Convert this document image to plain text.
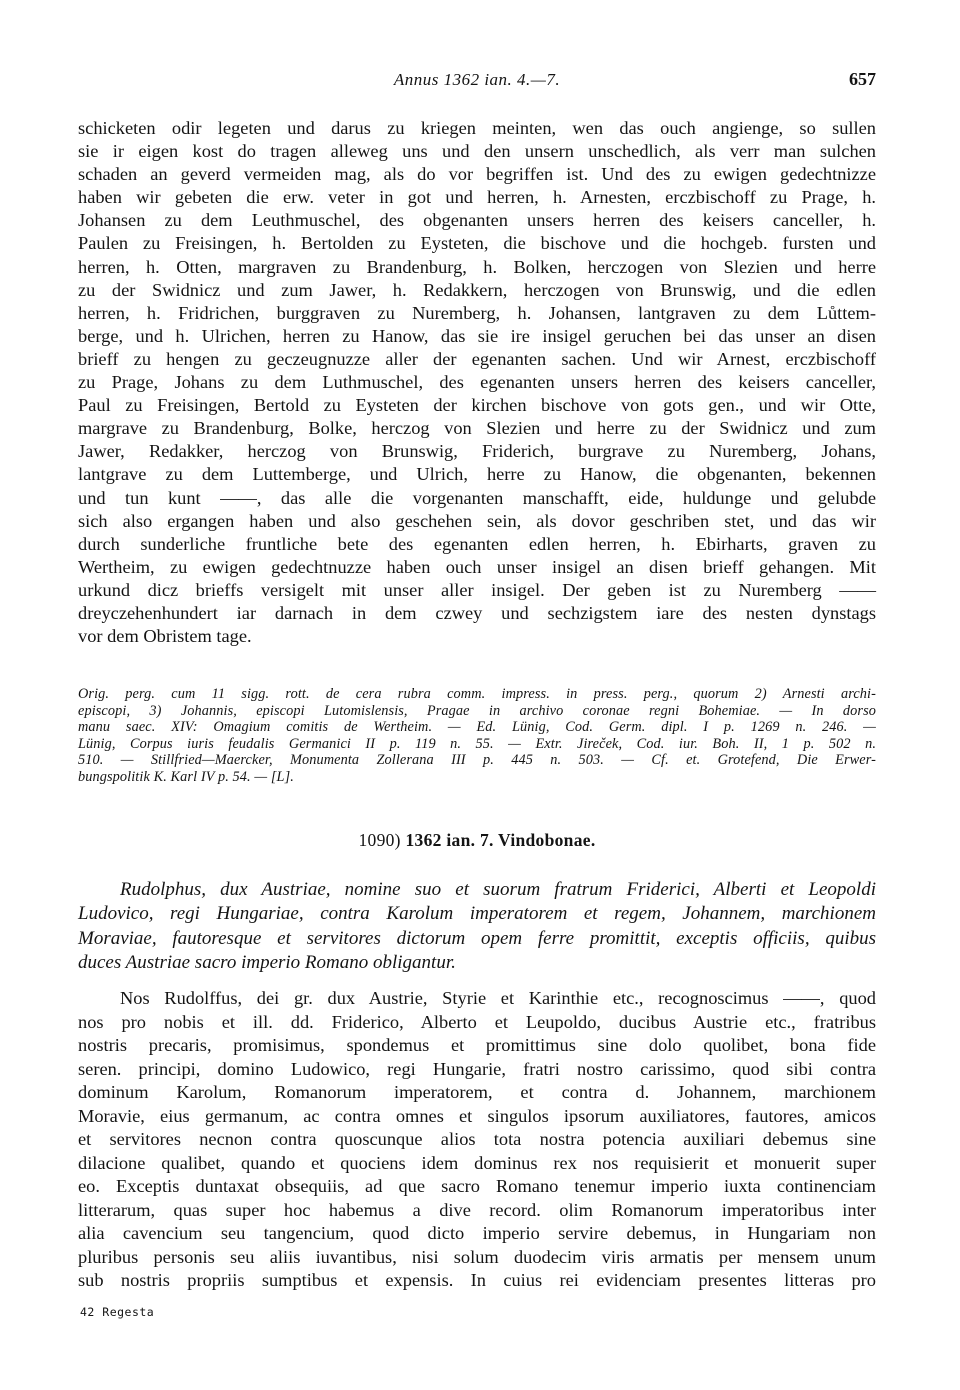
Annus 1362 ian. 4.—7.	657
schicketen odir legeten und darus zu kriegen meinten, wen das ouch angienge, so sullen
sie ir eigen kost do tragen alleweg uns und den unsern unschedlich, als verr man sulchen
schaden an geverd vermeiden mag, als do vor begriffen ist. Und des zu ewigen gedechtnizze
haben wir gebeten die erw. veter in got und herren, h. Arnesten, erczbischoff zu Prage, h.
Johansen zu dem Leuthmuschel, des obgenanten unsers herren des keisers canceller, h.
Paulen zu Freisingen, h. Bertolden zu Eysteten, die bischove und die hochgeb. fursten und
herren, h. Otten, margraven zu Brandenburg, h. Bolken, herczogen von Slezien und herre
zu der Swidnicz und zum Jawer, h. Redakkern, herczogen von Brunswig, und die edlen
herren, h. Fridrichen, burggraven zu Nuremberg, h. Johansen, lantgraven zu dem Lůttem-
berge, und h. Ulrichen, herren zu Hanow, das sie ire insigel geruchen bei das unser an disen
brieff zu hengen zu geczeugnuzze aller der egenanten sachen. Und wir Arnest, erczbischoff
zu Prage, Johans zu dem Luthmuschel, des egenanten unsers herren des keisers canceller,
Paul zu Freisingen, Bertold zu Eysteten der kirchen bischove von gots gen., und wir Otte,
margrave zu Brandenburg, Bolke, herczog von Slezien und herre zu der Swidnicz und zum
Jawer, Redakker, herczog von Brunswig, Friderich, burgrave zu Nuremberg, Johans,
lantgrave zu dem Luttemberge, und Ulrich, herre zu Hanow, die obgenanten, bekennen
und tun kunt ——, das alle die vorgenanten manschafft, eide, huldunge und gelubde
sich also ergangen haben und also geschehen sein, als dovor geschriben stet, und das wir
durch sunderliche fruntliche bete des egenanten edlen herren, h. Ebirharts, graven zu
Wertheim, zu ewigen gedechtnuzze haben ouch unser insigel an disen brieff gehangen. Mit
urkund dicz brieffs versigelt mit unser aller insigel. Der geben ist zu Nuremberg ——
dreyczehenhundert iar darnach in dem czwey und sechzigstem iare des nesten dynstags
vor dem Obristem tage.
Orig. perg. cum 11 sigg. rott. de cera rubra comm. impress. in press. perg., quorum 2) Arnesti archi-
episcopi, 3) Johannis, episcopi Lutomislensis, Pragae in archivo coronae regni Bohemiae. — In dorso
manu saec. XIV: Omagium comitis de Wertheim. — Ed. Lünig, Cod. Germ. dipl. I p. 1269 n. 246. —
Lünig, Corpus iuris feudalis Germanici II p. 119 n. 55. — Extr. Jireček, Cod. iur. Boh. II, 1 p. 502 n.
510. — Stillfried—Maercker, Monumenta Zollerana III p. 445 n. 503. — Cf. et. Grotefend, Die Erwer-
bungspolitik K. Karl IV p. 54. — [L].
1090) 1362 ian. 7. Vindobonae.
Rudolphus, dux Austriae, nomine suo et suorum fratrum Friderici, Alberti et Leopoldi
Ludovico, regi Hungariae, contra Karolum imperatorem et regem, Johannem, marchionem
Moraviae, fautoresque et servitores dictorum opem ferre promittit, exceptis officiis, quibus
duces Austriae sacro imperio Romano obligantur.
Nos Rudolffus, dei gr. dux Austrie, Styrie et Karinthie etc., recognoscimus ——, quod
nos pro nobis et ill. dd. Friderico, Alberto et Leupoldo, ducibus Austrie etc., fratribus
nostris precaris, promisimus, spondemus et promittimus sine dolo quolibet, bona fide
seren. principi, domino Ludowico, regi Hungarie, fratri nostro carissimo, quod sibi contra
dominum Karolum, Romanorum imperatorem, et contra d. Johannem, marchionem
Moravie, eius germanum, ac contra omnes et singulos ipsorum auxiliatores, fautores, amicos
et servitores necnon contra quoscunque alios tota nostra potencia auxiliari debemus sine
dilacione qualibet, quando et quociens idem dominus rex nos requisierit et monuerit super
eo. Exceptis duntaxat obsequiis, ad que sacro Romano tenemur imperio iuxta continenciam
litterarum, quas super hoc habemus a dive record. olim Romanorum imperatoribus inter
alia cavencium seu tangencium, quod dicto imperio servire debemus, in Hungariam non
pluribus personis seu aliis iuvantibus, nisi solum duodecim viris armatis per mensem unum
sub nostris propriis sumptibus et expensis. In cuius rei evidenciam presentes litteras pro
42 Regesta
